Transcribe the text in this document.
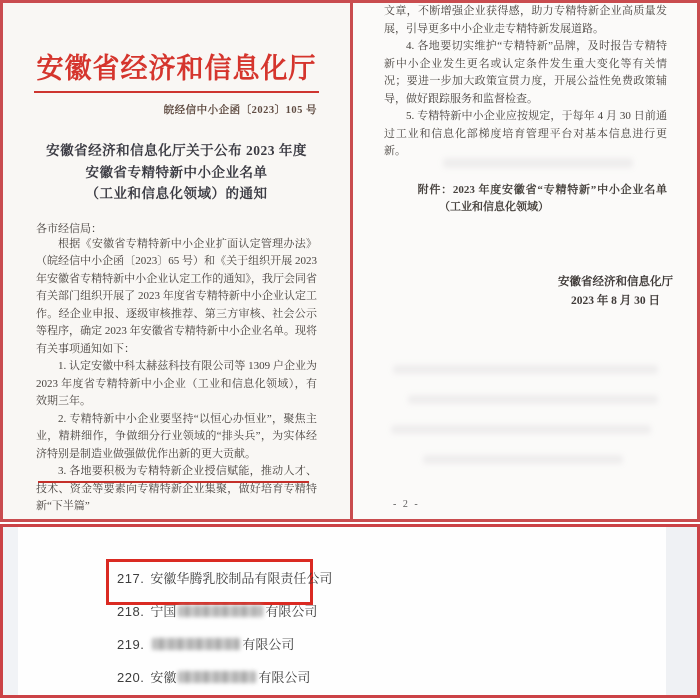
安徽省经济和信息化厅
皖经信中小企函〔2023〕105 号
安徽省经济和信息化厅关于公布 2023 年度
安徽省专精特新中小企业名单
（工业和信息化领域）的通知
各市经信局：

根据《安徽省专精特新中小企业扩面认定管理办法》（皖经信中小企函〔2023〕65 号）和《关于组织开展 2023 年安徽省专精特新中小企业认定工作的通知》，我厅会同省有关部门组织开展了 2023 年度省专精特新中小企业认定工作。经企业申报、逐级审核推荐、第三方审核、社会公示等程序，确定 2023 年安徽省专精特新中小企业名单。现将有关事项通知如下：

1. 认定安徽中科太赫兹科技有限公司等 1309 户企业为 2023 年度省专精特新中小企业（工业和信息化领域），有效期三年。

2. 专精特新中小企业要坚持“以恒心办恒业”，聚焦主业，精耕细作，争做细分行业领域的“排头兵”，为实体经济特别是制造业做强做优作出新的更大贡献。

3. 各地要积极为专精特新企业授信赋能，推动人才、技术、资金等要素向专精特新企业集聚，做好培育专精特新“下半篇”

文章，不断增强企业获得感，助力专精特新企业高质量发展，引导更多中小企业走专精特新发展道路。

4. 各地要切实维护“专精特新”品牌，及时报告专精特新中小企业发生更名或认定条件发生重大变化等有关情况；要进一步加大政策宣贯力度，开展公益性免费政策辅导，做好跟踪服务和监督检查。

5. 专精特新中小企业应按规定，于每年 4 月 30 日前通过工业和信息化部梯度培育管理平台对基本信息进行更新。

附件：2023 年度安徽省“专精特新”中小企业名单（工业和信息化领域）

安徽省经济和信息化厅
2023 年 8 月 30 日
- 2 -
217. 安徽华腾乳胶制品有限责任公司
218. 宁国	有限公司
219.	有限公司
220. 安徽	有限公司
